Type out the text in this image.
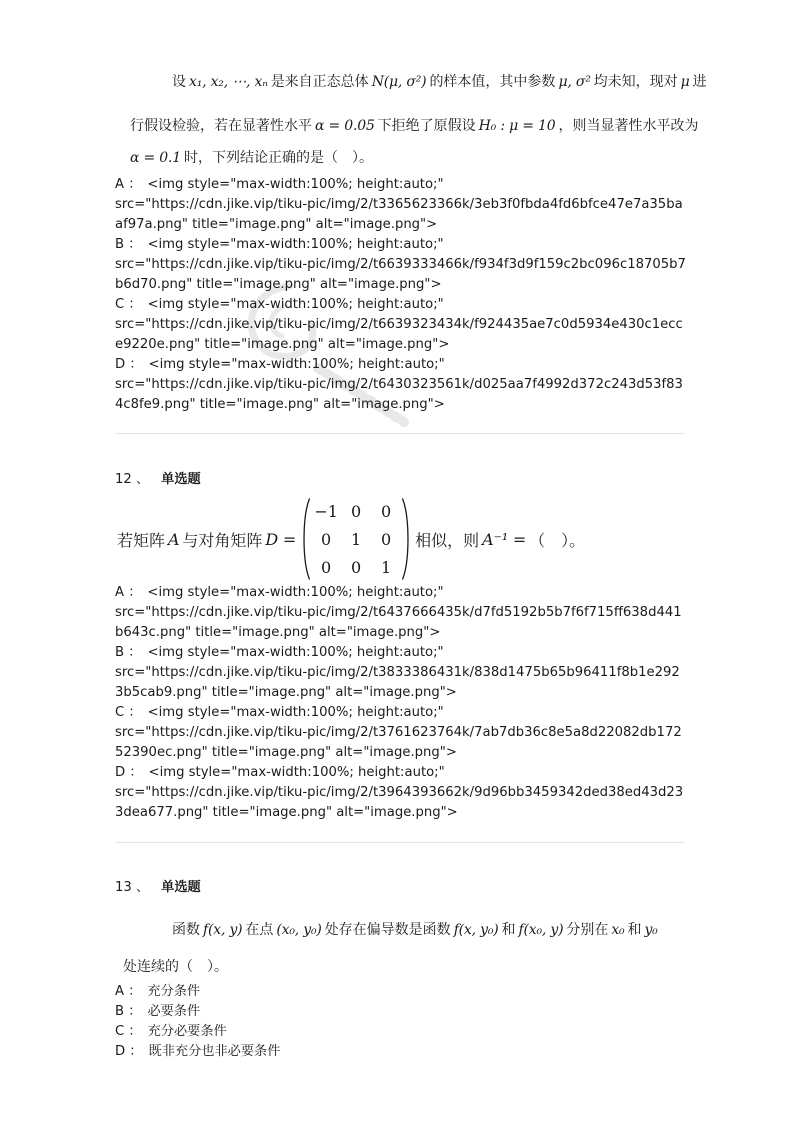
设 x₁, x₂, ⋯, xₙ 是来自正态总体 N(μ, σ²) 的样本值，其中参数 μ, σ² 均未知，现对 μ 进
行假设检验，若在显著性水平 α = 0.05 下拒绝了原假设 H₀ : μ = 10 ，则当显著性水平改为
α = 0.1 时，下列结论正确的是（　）。
A ： <img style="max-width:100%; height:auto;"
src="https://cdn.jike.vip/tiku-pic/img/2/t3365623366k/3eb3f0fbda4fd6bfce47e7a35ba
af97a.png" title="image.png" alt="image.png">
B ： <img style="max-width:100%; height:auto;"
src="https://cdn.jike.vip/tiku-pic/img/2/t6639333466k/f934f3d9f159c2bc096c18705b7
b6d70.png" title="image.png" alt="image.png">
C ： <img style="max-width:100%; height:auto;"
src="https://cdn.jike.vip/tiku-pic/img/2/t6639323434k/f924435ae7c0d5934e430c1ecc
e9220e.png" title="image.png" alt="image.png">
D ： <img style="max-width:100%; height:auto;"
src="https://cdn.jike.vip/tiku-pic/img/2/t6430323561k/d025aa7f4992d372c243d53f83
4c8fe9.png" title="image.png" alt="image.png">
12 、 单选题
若矩阵 A 与对角矩阵 D =
−1 0 0
0 1 0
0 0 1
相似，则 A⁻¹ = （　）。
A ： <img style="max-width:100%; height:auto;"
src="https://cdn.jike.vip/tiku-pic/img/2/t6437666435k/d7fd5192b5b7f6f715ff638d441
b643c.png" title="image.png" alt="image.png">
B ： <img style="max-width:100%; height:auto;"
src="https://cdn.jike.vip/tiku-pic/img/2/t3833386431k/838d1475b65b96411f8b1e292
3b5cab9.png" title="image.png" alt="image.png">
C ： <img style="max-width:100%; height:auto;"
src="https://cdn.jike.vip/tiku-pic/img/2/t3761623764k/7ab7db36c8e5a8d22082db172
52390ec.png" title="image.png" alt="image.png">
D ： <img style="max-width:100%; height:auto;"
src="https://cdn.jike.vip/tiku-pic/img/2/t3964393662k/9d96bb3459342ded38ed43d23
3dea677.png" title="image.png" alt="image.png">
13 、 单选题
函数 f(x, y) 在点 (x₀, y₀) 处存在偏导数是函数 f(x, y₀) 和 f(x₀, y) 分别在 x₀ 和 y₀
处连续的（　）。
A ： 充分条件
B ： 必要条件
C ： 充分必要条件
D ： 既非充分也非必要条件
